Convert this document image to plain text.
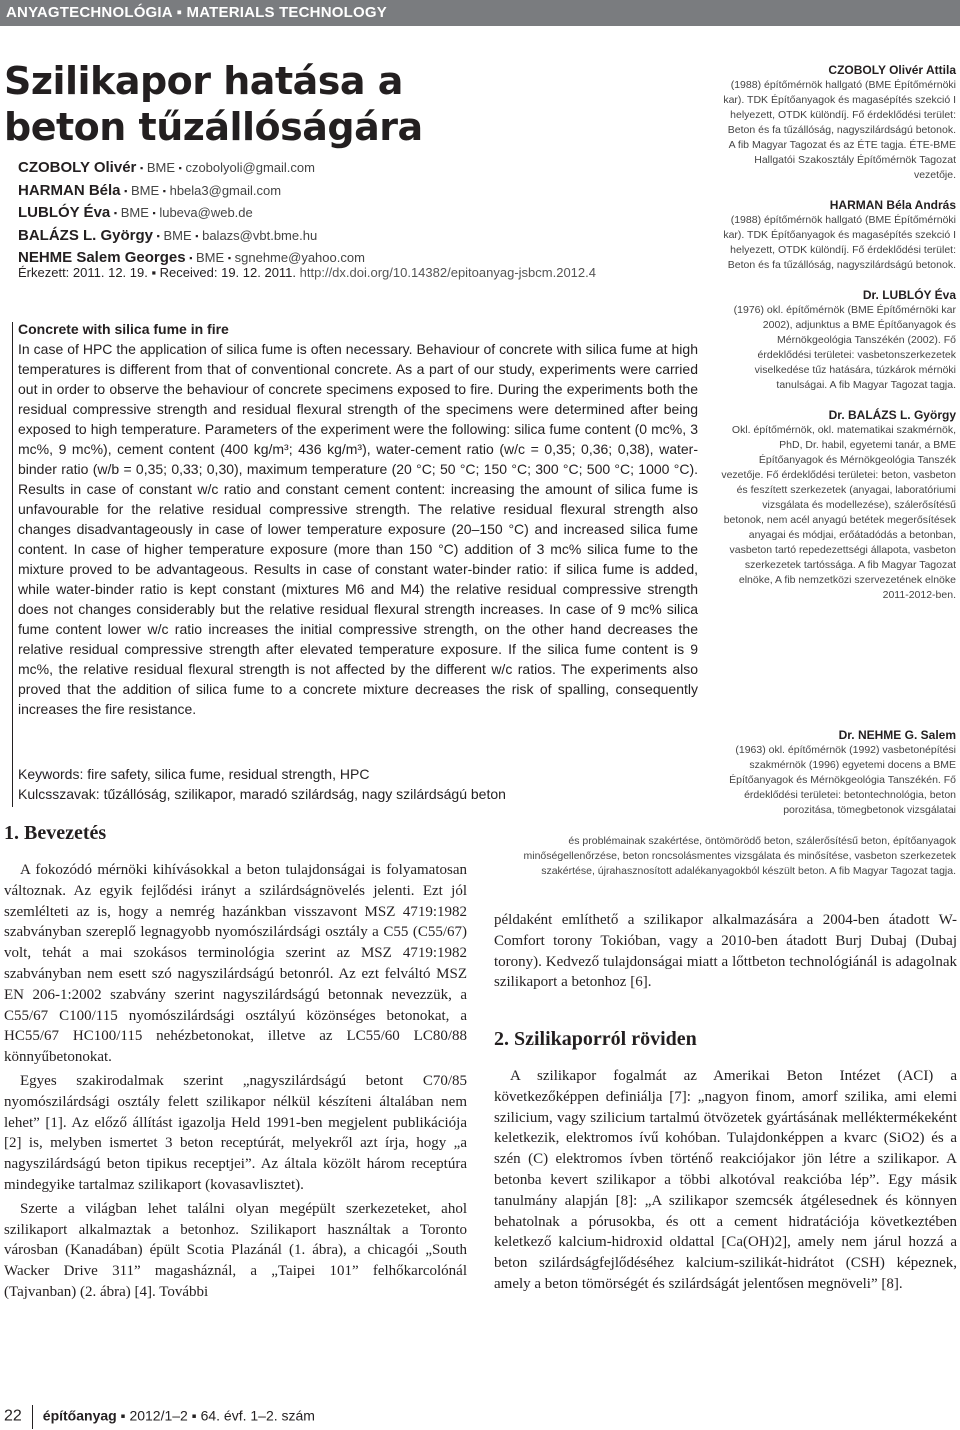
ANYAGTECHNOLÓGIA ▪ MATERIALS TECHNOLOGY
Szilikapor hatása a beton tűzállóságára
CZOBOLY Olivér ▪ BME ▪ czobolyoli@gmail.com
HARMAN Béla ▪ BME ▪ hbela3@gmail.com
LUBLÓY Éva ▪ BME ▪ lubeva@web.de
BALÁZS L. György ▪ BME ▪ balazs@vbt.bme.hu
NEHME Salem Georges ▪ BME ▪ sgnehme@yahoo.com
Érkezett: 2011. 12. 19. ▪ Received: 19. 12. 2011. http://dx.doi.org/10.14382/epitoanyag-jsbcm.2012.4
Concrete with silica fume in fire

In case of HPC the application of silica fume is often necessary. Behaviour of concrete with silica fume at high temperatures is different from that of conventional concrete. As a part of our study, experiments were carried out in order to observe the behaviour of concrete specimens exposed to fire. During the experiments both the residual compressive strength and residual flexural strength of the specimens were determined after being exposed to high temperature. Parameters of the experiment were the following: silica fume content (0 mc%, 3 mc%, 9 mc%), cement content (400 kg/m³; 436 kg/m³), water-cement ratio (w/c = 0,35; 0,36; 0,38), water-binder ratio (w/b = 0,35; 0,33; 0,30), maximum temperature (20 °C; 50 °C; 150 °C; 300 °C; 500 °C; 1000 °C). Results in case of constant w/c ratio and constant cement content: increasing the amount of silica fume is unfavourable for the relative residual compressive strength. The relative residual flexural strength also changes disadvantageously in case of lower temperature exposure (20–150 °C) and increased silica fume content. In case of higher temperature exposure (more than 150 °C) addition of 3 mc% silica fume to the mixture proved to be advantageous. Results in case of constant water-binder ratio: if silica fume is added, while water-binder ratio is kept constant (mixtures M6 and M4) the relative residual compressive strength does not changes considerably but the relative residual flexural strength increases. In case of 9 mc% silica fume content lower w/c ratio increases the initial compressive strength, on the other hand decreases the relative residual compressive strength after elevated temperature exposure. If the silica fume content is 9 mc%, the relative residual flexural strength is not affected by the different w/c ratios. The experiments also proved that the addition of silica fume to a concrete mixture decreases the risk of spalling, consequently increases the fire resistance.

Keywords: fire safety, silica fume, residual strength, HPC
Kulcsszavak: tűzállóság, szilikapor, maradó szilárdság, nagy szilárdságú beton
CZOBOLY Olivér Attila
(1988) építőmérnök hallgató (BME Építőmérnöki kar). TDK Építőanyagok és magasépítés szekció I helyezett, OTDK különdíj. Fő érdeklődési terület: Beton és fa tűzállóság, nagyszilárdságú betonok. A fib Magyar Tagozat és az ÉTE tagja. ÉTE-BME Hallgatói Szakosztály Építőmérnök Tagozat vezetője.
HARMAN Béla András
(1988) építőmérnök hallgató (BME Építőmérnöki kar). TDK Építőanyagok és magasépítés szekció I helyezett, OTDK különdíj. Fő érdeklődési terület: Beton és fa tűzállóság, nagyszilárdságú betonok.
Dr. LUBLÓY Éva
(1976) okl. építőmérnök (BME Építőmérnöki kar 2002), adjunktus a BME Építőanyagok és Mérnökgeológia Tanszékén (2002). Fő érdeklődési területei: vasbetonszerkezetek viselkedése tűz hatására, túzkárok mérnöki tanulságai. A fib Magyar Tagozat tagja.
Dr. BALÁZS L. György
Okl. építőmérnök, okl. matematikai szakmérnök, PhD, Dr. habil, egyetemi tanár, a BME Építőanyagok és Mérnökgeológia Tanszék vezetője. Fő érdeklődési területei: beton, vasbeton és feszített szerkezetek (anyagai, laboratóriumi vizsgálata és modellezése), szálerősítésű betonok, nem acél anyagú betétek megerősítések anyagai és módjai, erőátadódás a betonban, vasbeton tartó repedezettségi állapota, vasbeton szerkezetek tartóssága. A fib Magyar Tagozat elnöke, A fib nemzetközi szervezetének elnöke 2011-2012-ben.
Dr. NEHME G. Salem
(1963) okl. építőmérnök (1992) vasbetonépítési szakmérnök (1996) egyetemi docens a BME Építőanyagok és Mérnökgeológia Tanszékén. Fő érdeklődési területei: betontechnológia, beton porozitása, tömegbetonok vizsgálatai
és problémainak szakértése, öntömörödő beton, szálerősítésű beton, építőanyagok minőségellenőrzése, beton roncsolásmentes vizsgálata és minősítése, vasbeton szerkezetek szakértése, újrahasznosított adalékanyagokból készült beton. A fib Magyar Tagozat tagja.
1. Bevezetés

A fokozódó mérnöki kihívásokkal a beton tulajdonságai is folyamatosan változnak. Az egyik fejlődési irányt a szilárdságnövelés jelenti. Ezt jól szemlélteti az is, hogy a nemrég hazánkban visszavont MSZ 4719:1982 szabványban szereplő legnagyobb nyomószilárdsági osztály a C55 (C55/67) volt, tehát a mai szokásos terminológia szerint az MSZ 4719:1982 szabványban nem esett szó nagyszilárdságú betonról. Az ezt felváltó MSZ EN 206-1:2002 szabvány szerint nagyszilárdságú betonnak nevezzük, a C55/67 C100/115 nyomószilárdsági osztályú közönséges betonokat, a HC55/67 HC100/115 nehézbetonokat, illetve az LC55/60 LC80/88 könnyűbetonokat.

Egyes szakirodalmak szerint „nagyszilárdságú betont C70/85 nyomószilárdsági osztály felett szilikapor nélkül készíteni általában nem lehet” [1]. Az előző állítást igazolja Held 1991-ben megjelent publikációja [2] is, melyben ismertet 3 beton receptúrát, melyekről azt írja, hogy „a nagyszilárdságú beton tipikus receptjei”. Az általa közölt három receptúra mindegyike tartalmaz szilikaport (kovasavlisztet).

Szerte a világban lehet találni olyan megépült szerkezeteket, ahol szilikaport alkalmaztak a betonhoz. Szilikaport használtak a Toronto városban (Kanadában) épült Scotia Plazánál (1. ábra), a chicagói „South Wacker Drive 311” magasháznál, a „Taipei 101” felhőkarcolónál (Tajvanban) (2. ábra) [4]. További

példaként említhető a szilikapor alkalmazására a 2004-ben átadott W-Comfort torony Tokióban, vagy a 2010-ben átadott Burj Dubaj (Dubaj torony). Kedvező tulajdonságai miatt a lőttbeton technológiánál is adagolnak szilikaport a betonhoz [6].

2. Szilikaporról röviden

A szilikapor fogalmát az Amerikai Beton Intézet (ACI) a következőképpen definiálja [7]: „nagyon finom, amorf szilika, ami elemi szilicium, vagy szilicium tartalmú ötvözetek gyártásának melléktermékeként keletkezik, elektromos ívű kohóban. Tulajdonképpen a kvarc (SiO2) és a szén (C) elektromos ívben történő reakciójakor jön létre a szilikapor. A betonba kevert szilikapor a többi alkotóval reakcióba lép”. Egy másik tanulmány alapján [8]: „A szilikapor szemcsék átgélesednek és könnyen behatolnak a pórusokba, és ott a cement hidratációja következtében keletkező kalcium-hidroxid oldattal [Ca(OH)2], amely nem járul hozzá a beton szilárdságfejlődéséhez kalcium-szilikát-hidrátot (CSH) képeznek, amely a beton tömörségét és szilárdságát jelentősen megnöveli” [8].

22 építőanyag ▪ 2012/1–2 ▪ 64. évf. 1–2. szám
